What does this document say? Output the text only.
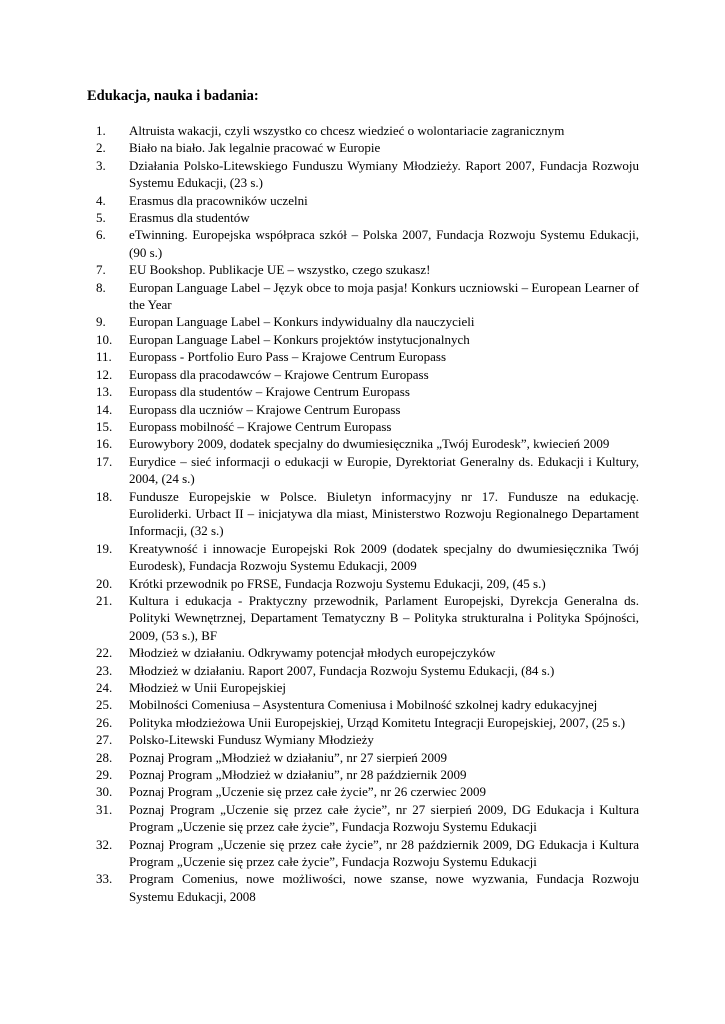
Edukacja, nauka i badania:
1.	Altruista wakacji, czyli wszystko co chcesz wiedzieć o wolontariacie zagranicznym
2.	Biało na biało. Jak legalnie pracować w Europie
3.	Działania Polsko-Litewskiego Funduszu Wymiany Młodzieży. Raport 2007, Fundacja Rozwoju Systemu Edukacji, (23 s.)
4.	Erasmus dla pracowników uczelni
5.	Erasmus dla studentów
6.	eTwinning. Europejska współpraca szkół – Polska 2007, Fundacja Rozwoju Systemu Edukacji, (90 s.)
7.	EU Bookshop. Publikacje UE – wszystko, czego szukasz!
8.	Europan Language Label – Język obce to moja pasja! Konkurs uczniowski – European Learner of the Year
9.	Europan Language Label – Konkurs indywidualny dla nauczycieli
10.	Europan Language Label – Konkurs projektów instytucjonalnych
11.	Europass - Portfolio Euro Pass – Krajowe Centrum Europass
12.	Europass dla pracodawców – Krajowe Centrum Europass
13.	Europass dla studentów – Krajowe Centrum Europass
14.	Europass dla uczniów – Krajowe Centrum Europass
15.	Europass mobilność – Krajowe Centrum Europass
16.	Eurowybory 2009, dodatek specjalny do dwumiesięcznika „Twój Eurodesk”, kwiecień 2009
17.	Eurydice – sieć informacji o edukacji w Europie, Dyrektoriat Generalny ds. Edukacji i Kultury, 2004, (24 s.)
18.	Fundusze Europejskie w Polsce. Biuletyn informacyjny nr 17. Fundusze na edukację. Euroliderki. Urbact II – inicjatywa dla miast, Ministerstwo Rozwoju Regionalnego Departament Informacji, (32 s.)
19.	Kreatywność i innowacje Europejski Rok 2009 (dodatek specjalny do dwumiesięcznika Twój Eurodesk), Fundacja Rozwoju Systemu Edukacji, 2009
20.	Krótki przewodnik po FRSE, Fundacja Rozwoju Systemu Edukacji, 209, (45 s.)
21.	Kultura i edukacja - Praktyczny przewodnik, Parlament Europejski, Dyrekcja Generalna ds. Polityki Wewnętrznej, Departament Tematyczny B – Polityka strukturalna i Polityka Spójności, 2009, (53 s.), BF
22.	Młodzież w działaniu. Odkrywamy potencjał młodych europejczyków
23.	Młodzież w działaniu. Raport 2007, Fundacja Rozwoju Systemu Edukacji, (84 s.)
24.	Młodzież w Unii Europejskiej
25.	Mobilności Comeniusa – Asystentura Comeniusa i Mobilność szkolnej kadry edukacyjnej
26.	Polityka młodzieżowa Unii Europejskiej, Urząd Komitetu Integracji Europejskiej, 2007, (25 s.)
27.	Polsko-Litewski Fundusz Wymiany Młodzieży
28.	Poznaj Program „Młodzież w działaniu”, nr 27 sierpień 2009
29.	Poznaj Program „Młodzież w działaniu”, nr 28 październik 2009
30.	Poznaj Program „Uczenie się przez całe życie”, nr 26 czerwiec 2009
31.	Poznaj Program „Uczenie się przez całe życie”, nr 27 sierpień 2009, DG Edukacja i Kultura Program „Uczenie się przez całe życie”, Fundacja Rozwoju Systemu Edukacji
32.	Poznaj Program „Uczenie się przez całe życie”, nr 28 październik 2009, DG Edukacja i Kultura Program „Uczenie się przez całe życie”, Fundacja Rozwoju Systemu Edukacji
33.	Program Comenius, nowe możliwości, nowe szanse, nowe wyzwania, Fundacja Rozwoju Systemu Edukacji, 2008
